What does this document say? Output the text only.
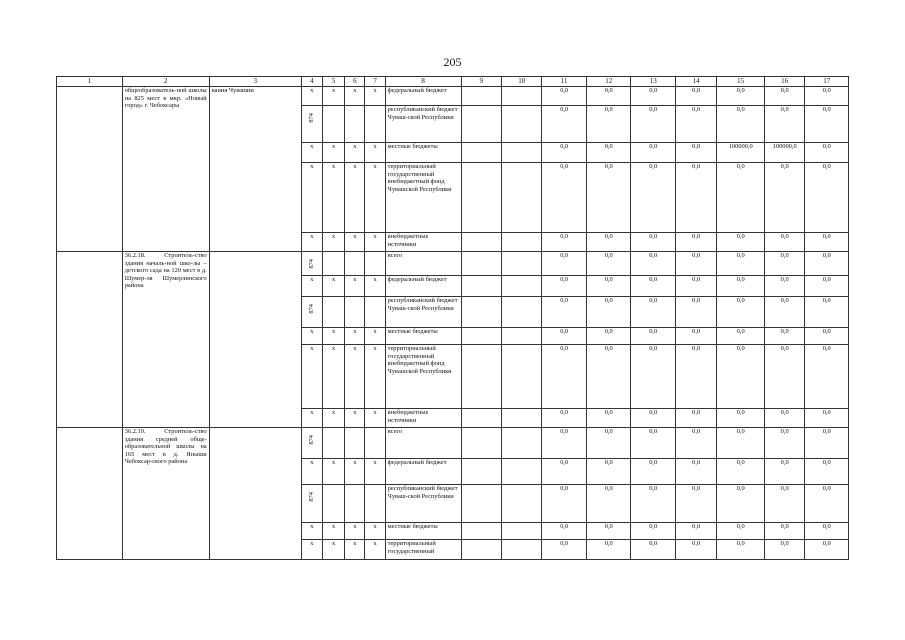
205
1	2	3	4	5	6	7	8	9	10	11	12	13	14	15	16	17
	общеобразователь-ной школы на 825 мест в мкр. «Новый город» г. Чебоксары	вания Чувашии	х	х	х	х	федеральный бюджет			0,0	0,0	0,0	0,0	0,0	0,0	0,0
			874				республиканский бюджет Чуваш-ской Республики			0,0	0,0	0,0	0,0	0,0	0,0	0,0
			х	х	х	х	местные бюджеты			0,0	0,0	0,0	0,0	100000,0	100000,0	0,0
			х	х	х	х	территориальный государственный внебюджетный фонд Чувашской Республики			0,0	0,0	0,0	0,0	0,0	0,0	0,0
			х	х	х	х	внебюджетные источники			0,0	0,0	0,0	0,0	0,0	0,0	0,0
	36.2.18. Строитель-ство здания началь-ной шко-лы – детского сада на 120 мест в д. Шумер-ля Шумерлинского района		874				всего			0,0	0,0	0,0	0,0	0,0	0,0	0,0
			х	х	х	х	федеральный бюджет			0,0	0,0	0,0	0,0	0,0	0,0	0,0
			874				республиканский бюджет Чуваш-ской Республики			0,0	0,0	0,0	0,0	0,0	0,0	0,0
			х	х	х	х	местные бюджеты			0,0	0,0	0,0	0,0	0,0	0,0	0,0
			х	х	х	х	территориальный государственный внебюджетный фонд Чувашской Республики			0,0	0,0	0,0	0,0	0,0	0,0	0,0
			х	х	х	х	внебюджетные источники			0,0	0,0	0,0	0,0	0,0	0,0	0,0
	36.2.19. Строитель-ство здания средней обще-образовательной школы на 165 мест в д. Яныши Чебоксар-ского района		874				всего			0,0	0,0	0,0	0,0	0,0	0,0	0,0
			х	х	х	х	федеральный бюджет			0,0	0,0	0,0	0,0	0,0	0,0	0,0
			874				республиканский бюджет Чуваш-ской Республики			0,0	0,0	0,0	0,0	0,0	0,0	0,0
			х	х	х	х	местные бюджеты			0,0	0,0	0,0	0,0	0,0	0,0	0,0
			х	х	х	х	территориальный государственный			0,0	0,0	0,0	0,0	0,0	0,0	0,0
